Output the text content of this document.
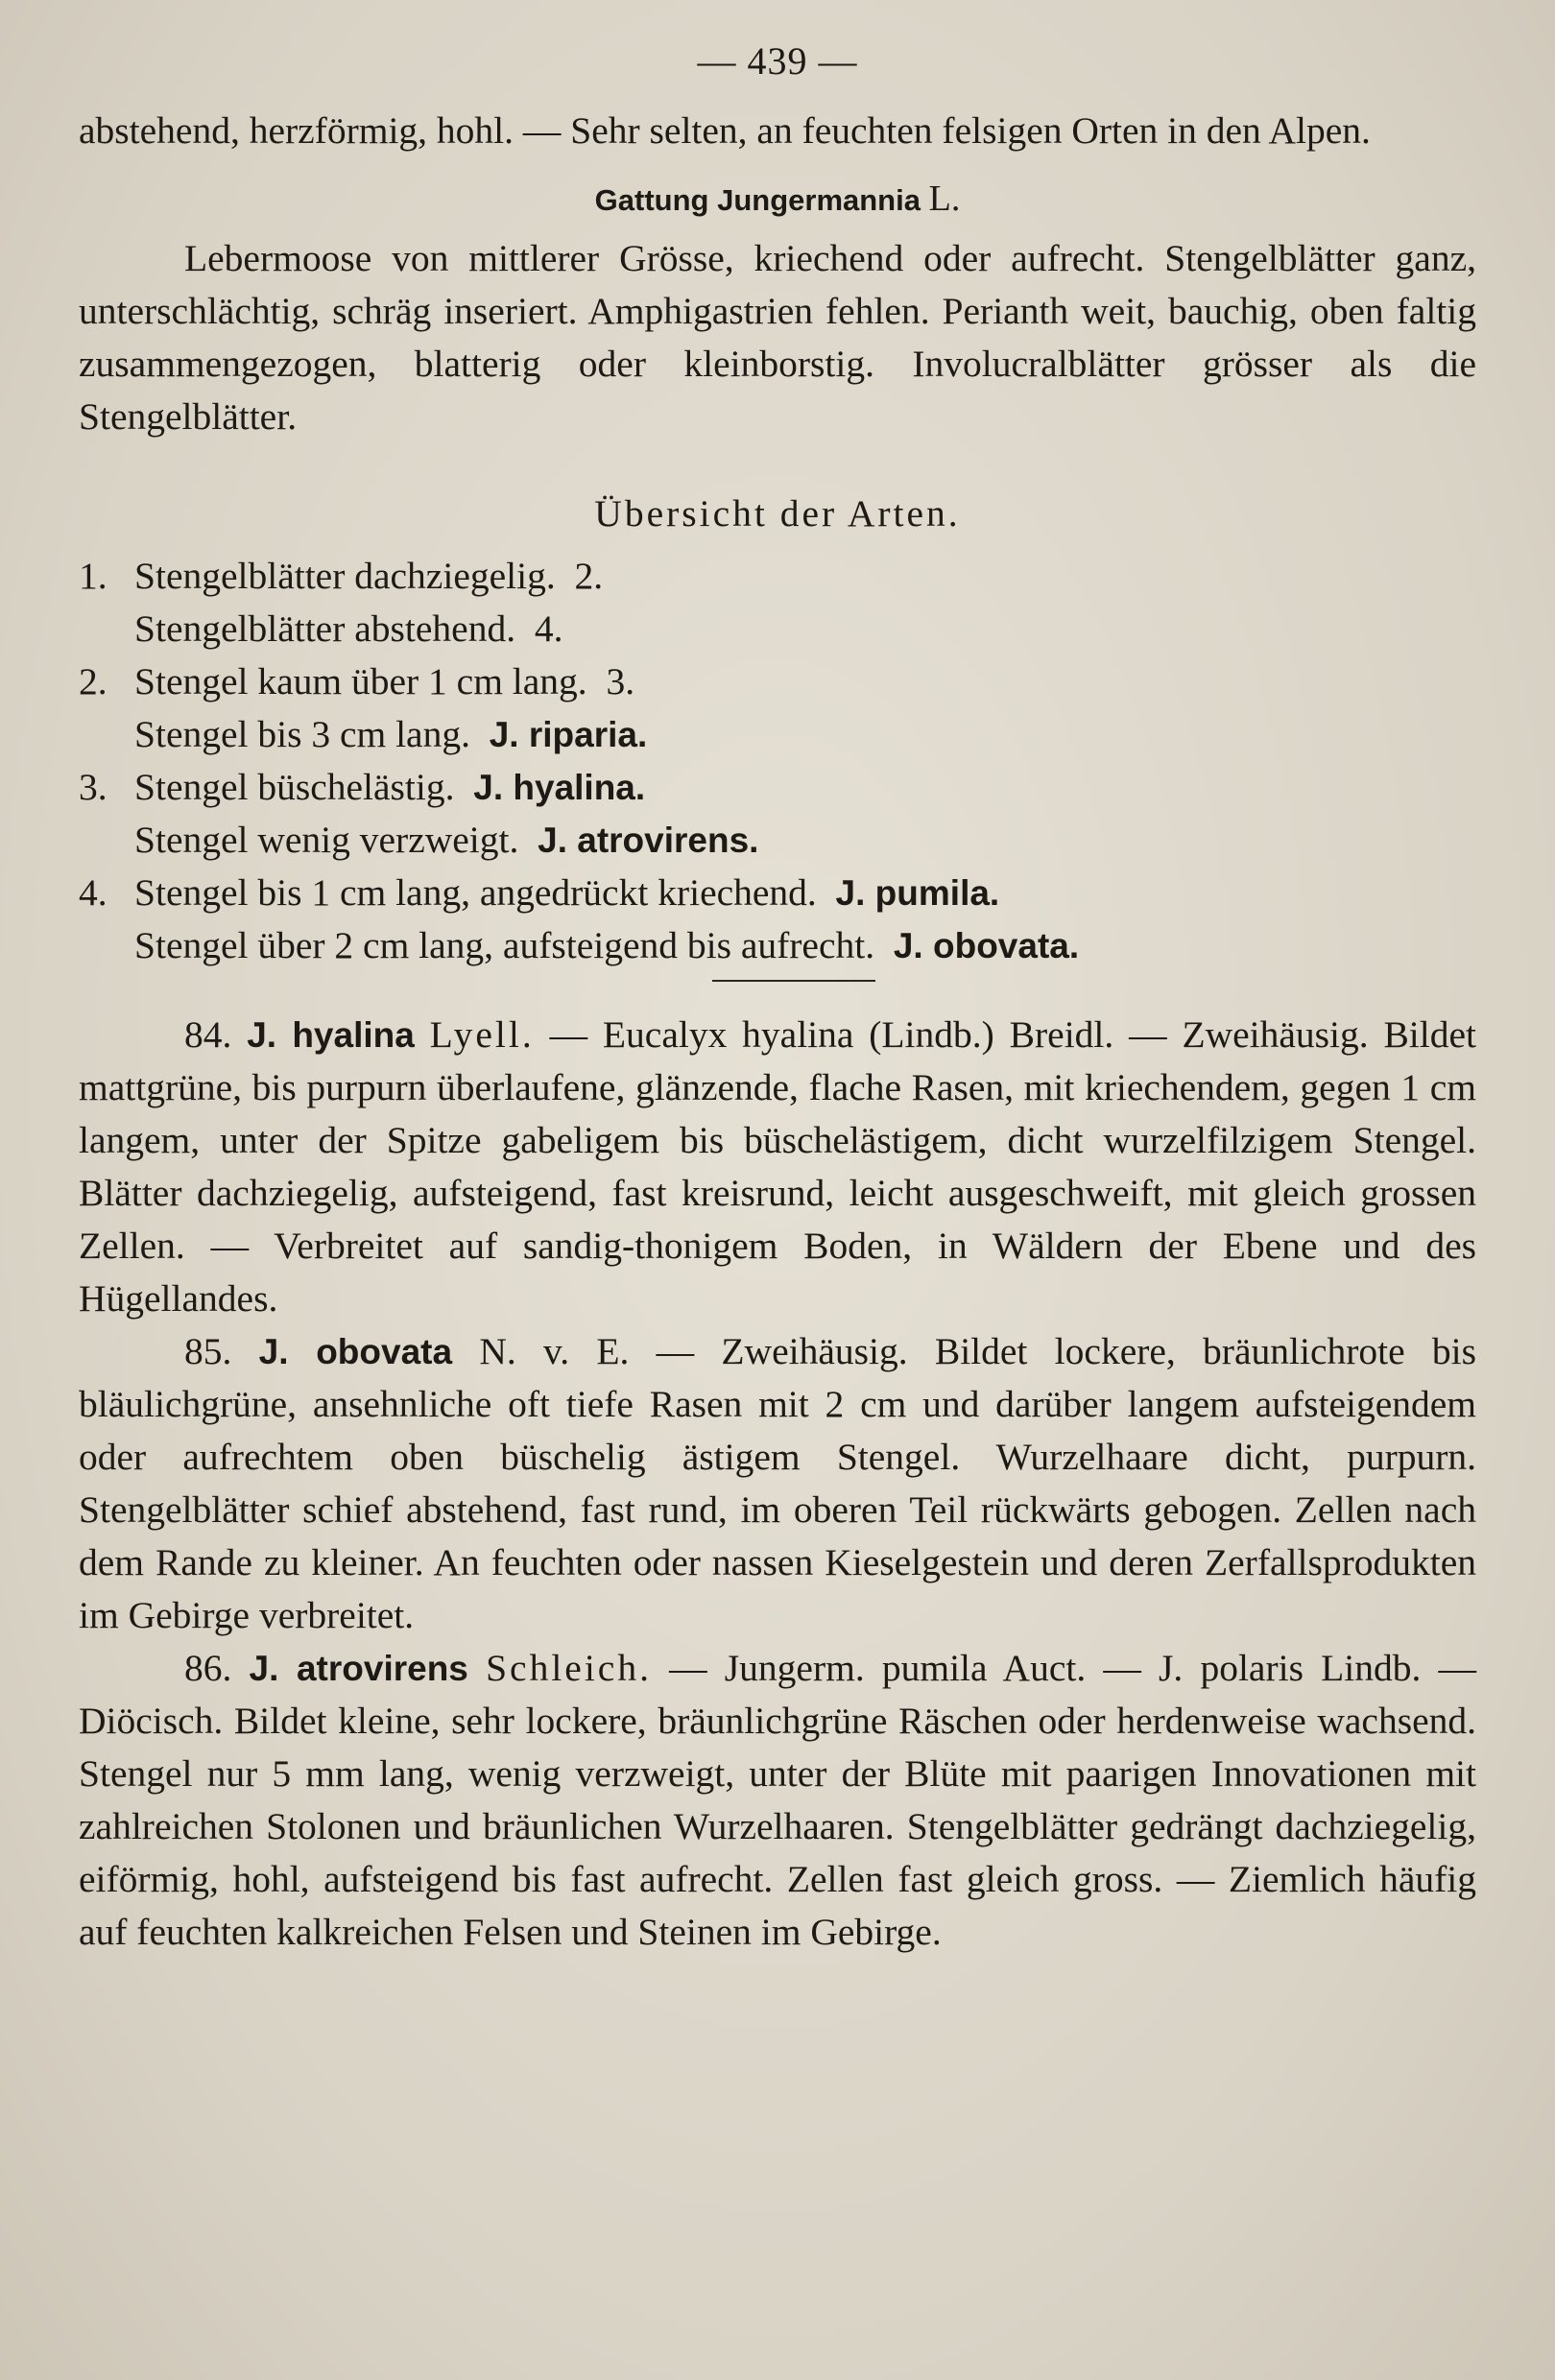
— 439 —

abstehend, herzförmig, hohl. — Sehr selten, an feuchten felsigen Orten in den Alpen.

Gattung Jungermannia L.

Lebermoose von mittlerer Grösse, kriechend oder aufrecht. Stengelblätter ganz, unterschlächtig, schräg inseriert. Amphigastrien fehlen. Perianth weit, bauchig, oben faltig zusammengezogen, blatterig oder kleinborstig. Involucralblätter grösser als die Stengelblätter.

Übersicht der Arten.
1. Stengelblätter dachziegelig. 2.
Stengelblätter abstehend. 4.
2. Stengel kaum über 1 cm lang. 3.
Stengel bis 3 cm lang. J. riparia.
3. Stengel büschelästig. J. hyalina.
Stengel wenig verzweigt. J. atrovirens.
4. Stengel bis 1 cm lang, angedrückt kriechend. J. pumila.
Stengel über 2 cm lang, aufsteigend bis aufrecht. J. obovata.

84. J. hyalina Lyell. — Eucalyx hyalina (Lindb.) Breidl. — Zweihäusig. Bildet mattgrüne, bis purpurn überlaufene, glänzende, flache Rasen, mit kriechendem, gegen 1 cm langem, unter der Spitze gabeligem bis büschelästigem, dicht wurzelfilzigem Stengel. Blätter dachziegelig, aufsteigend, fast kreisrund, leicht ausgeschweift, mit gleich grossen Zellen. — Verbreitet auf sandig-thonigem Boden, in Wäldern der Ebene und des Hügellandes.

85. J. obovata N. v. E. — Zweihäusig. Bildet lockere, bräunlichrote bis bläulichgrüne, ansehnliche oft tiefe Rasen mit 2 cm und darüber langem aufsteigendem oder aufrechtem oben büschelig ästigem Stengel. Wurzelhaare dicht, purpurn. Stengelblätter schief abstehend, fast rund, im oberen Teil rückwärts gebogen. Zellen nach dem Rande zu kleiner. An feuchten oder nassen Kieselgestein und deren Zerfallsprodukten im Gebirge verbreitet.

86. J. atrovirens Schleich. — Jungerm. pumila Auct. — J. polaris Lindb. — Diöcisch. Bildet kleine, sehr lockere, bräunlichgrüne Räschen oder herdenweise wachsend. Stengel nur 5 mm lang, wenig verzweigt, unter der Blüte mit paarigen Innovationen mit zahlreichen Stolonen und bräunlichen Wurzelhaaren. Stengelblätter gedrängt dachziegelig, eiförmig, hohl, aufsteigend bis fast aufrecht. Zellen fast gleich gross. — Ziemlich häufig auf feuchten kalkreichen Felsen und Steinen im Gebirge.
